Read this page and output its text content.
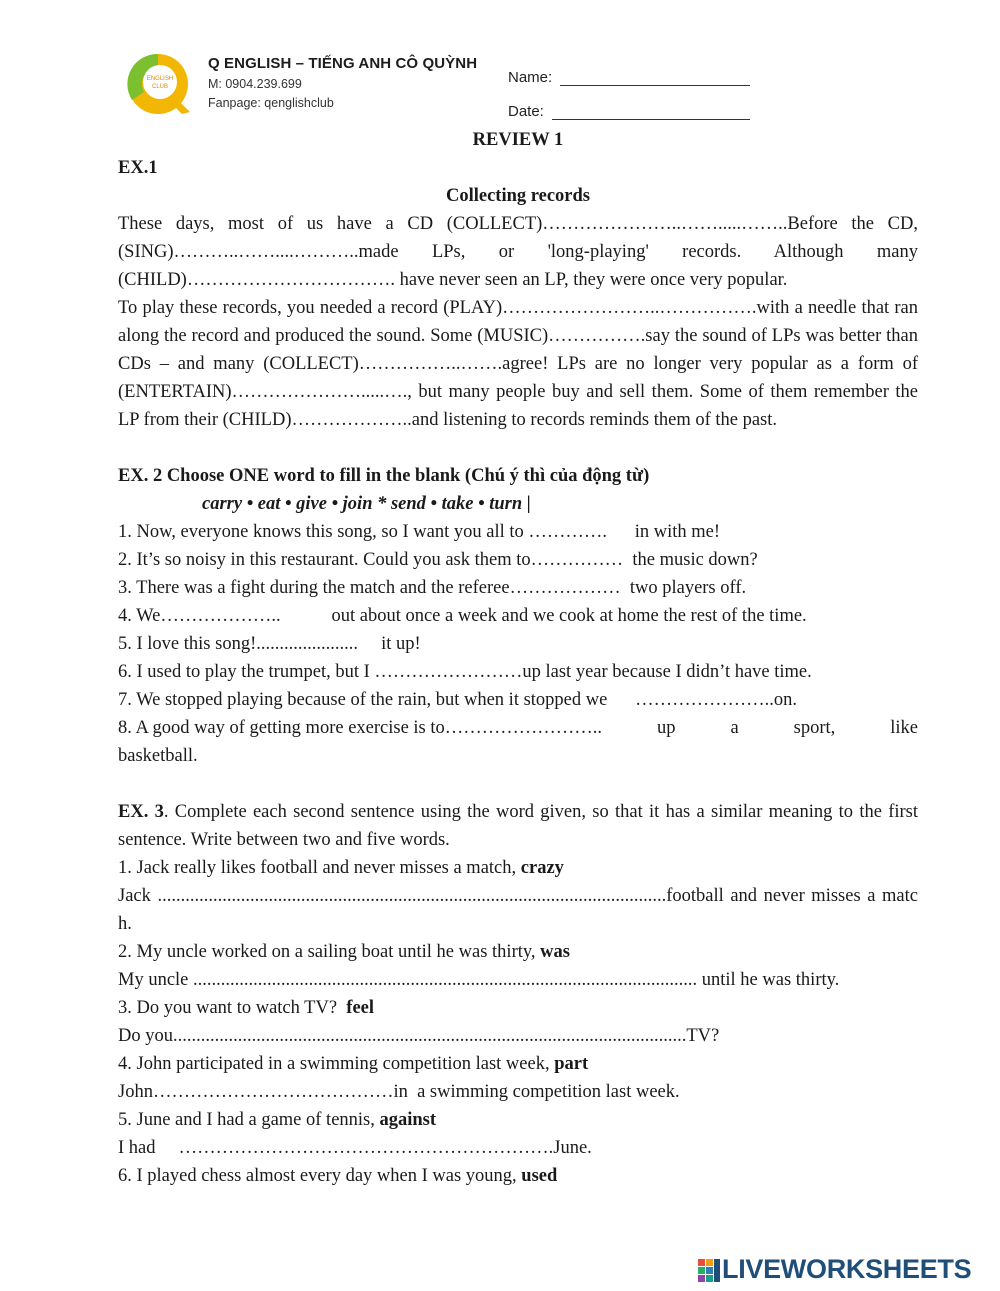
ENGLISH
CLUB
Q ENGLISH – TIẾNG ANH CÔ QUỲNH
M: 0904.239.699
Fanpage: qenglishclub
Name:
Date:

REVIEW 1

EX.1

Collecting records

These days, most of us have a CD (COLLECT)…………………..…….....……..Before the CD, (SING)………..……....………..made LPs, or 'long-playing' records. Although many (CHILD)……………………………. have never seen an LP, they were once very popular.

To play these records, you needed a record (PLAY)……………………..…………….with a needle that ran along the record and produced the sound. Some (MUSIC)…………….say the sound of LPs was better than CDs – and many (COLLECT)……………..…….agree! LPs are no longer very popular as a form of (ENTERTAIN)………………….....…., but many people buy and sell them. Some of them remember the LP from their (CHILD)………………..and listening to records reminds them of the past.

EX. 2 Choose ONE word to fill in the blank (Chú ý thì của động từ)

carry • eat • give • join * send • take • turn |

1. Now, everyone knows this song, so I want you all to ………….      in with me!

2. It’s so noisy in this restaurant. Could you ask them to……………  the music down?

3. There was a fight during the match and the referee………………  two players off.

4. We………………..           out about once a week and we cook at home the rest of the time.

5. I love this song!......................     it up!

6. I used to play the trumpet, but I ……………………up last year because I didn’t have time.

7. We stopped playing because of the rain, but when it stopped we      …………………..on.

8. A good way of getting more exercise is to……………………..	up	a	sport,	like

basketball.

EX. 3. Complete each second sentence using the word given, so that it has a similar meaning to the first sentence. Write between two and five words.

1. Jack really likes football and never misses a match, crazy

Jack ..............................................................................................................football and never misses a match.

2. My uncle worked on a sailing boat until he was thirty, was

My uncle ............................................................................................................. until he was thirty.

3. Do you want to watch TV?  feel

Do you...............................................................................................................TV?

4. John participated in a swimming competition last week, part

John…………………………………in  a swimming competition last week.

5. June and I had a game of tennis, against

I had     …………………………………………………….June.

6. I played chess almost every day when I was young, used

LIVEWORKSHEETS
